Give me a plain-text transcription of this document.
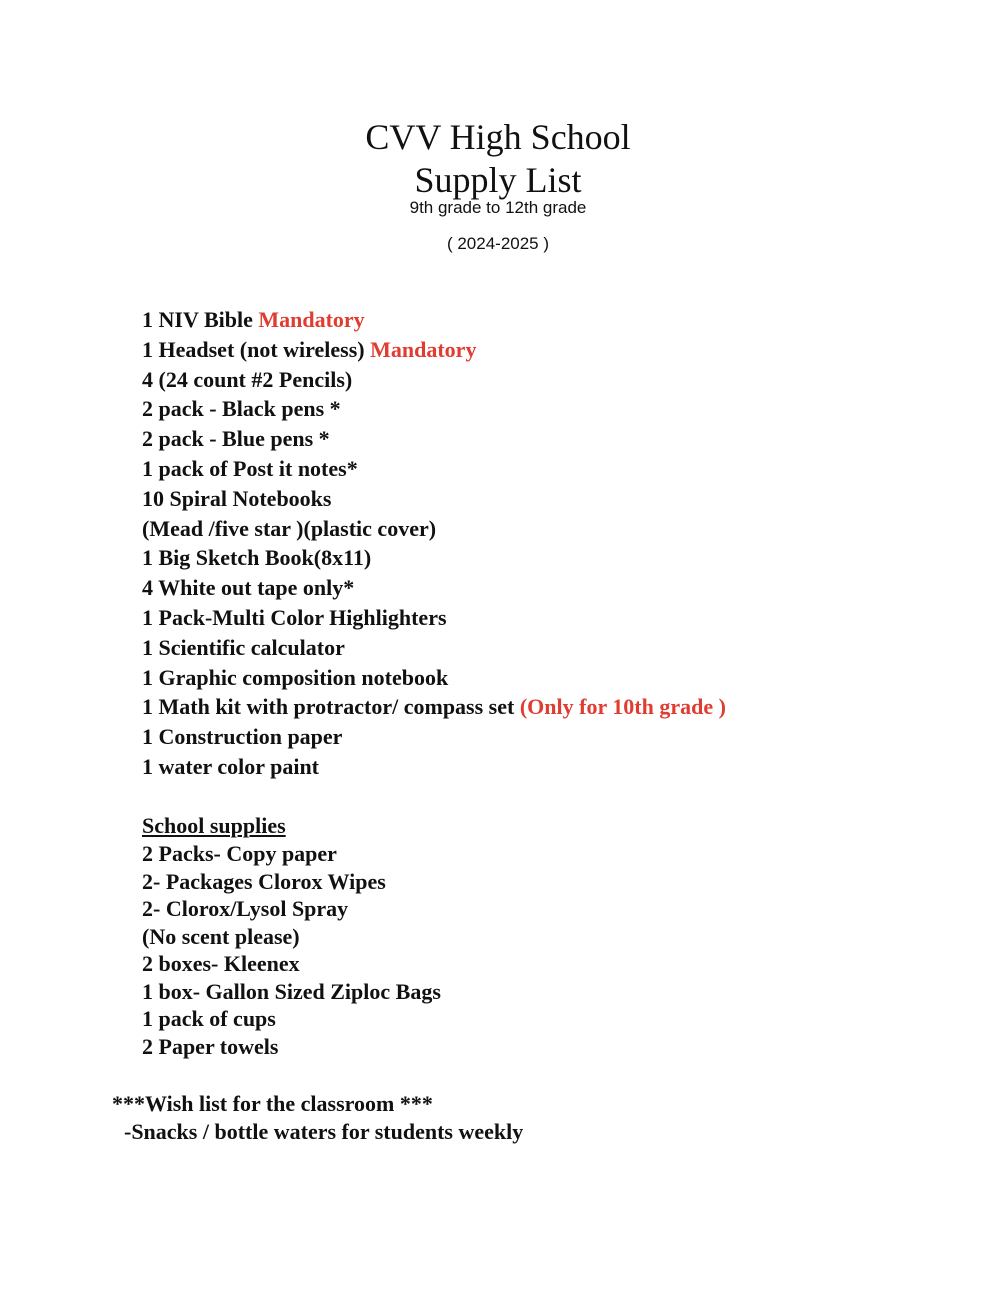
CVV High School
Supply List
9th grade to 12th grade
( 2024-2025 )
1 NIV Bible Mandatory
1 Headset (not wireless) Mandatory
4 (24 count #2 Pencils)
2 pack - Black pens *
2 pack - Blue pens *
1 pack of Post it notes*
10 Spiral Notebooks
(Mead /five star )(plastic cover)
1 Big Sketch Book(8x11)
4 White out tape only*
1 Pack-Multi Color Highlighters
1 Scientific calculator
1 Graphic composition notebook
1 Math kit with protractor/ compass set (Only for 10th grade )
1 Construction paper
1 water color paint
School supplies
2 Packs- Copy paper
2- Packages Clorox Wipes
2- Clorox/Lysol Spray
(No scent please)
2 boxes- Kleenex
1 box- Gallon Sized Ziploc Bags
1 pack of cups
2 Paper towels
***Wish list for the classroom ***
-Snacks / bottle waters for students weekly
